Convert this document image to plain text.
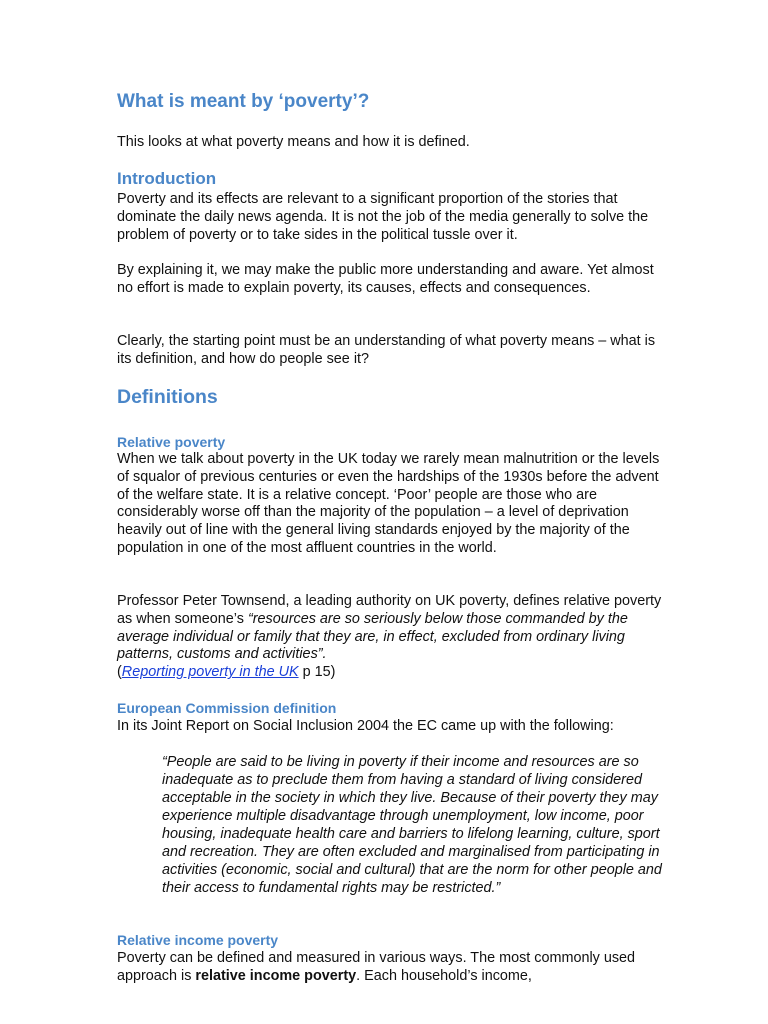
What is meant by ‘poverty’?
This looks at what poverty means and how it is defined.
Introduction

Poverty and its effects are relevant to a significant proportion of the stories that dominate the daily news agenda. It is not the job of the media generally to solve the problem of poverty or to take sides in the political tussle over it.

By explaining it, we may make the public more understanding and aware. Yet almost no effort is made to explain poverty, its causes, effects and consequences.

Clearly, the starting point must be an understanding of what poverty means – what is its definition, and how do people see it?

Definitions
Relative poverty

When we talk about poverty in the UK today we rarely mean malnutrition or the levels of squalor of previous centuries or even the hardships of the 1930s before the advent of the welfare state. It is a relative concept. ‘Poor’ people are those who are considerably worse off than the majority of the population – a level of deprivation heavily out of line with the general living standards enjoyed by the majority of the population in one of the most affluent countries in the world.

Professor Peter Townsend, a leading authority on UK poverty, defines relative poverty as when someone’s “resources are so seriously below those commanded by the average individual or family that they are, in effect, excluded from ordinary living patterns, customs and activities”.
(Reporting poverty in the UK p 15)

European Commission definition

In its Joint Report on Social Inclusion 2004 the EC came up with the following:

“People are said to be living in poverty if their income and resources are so inadequate as to preclude them from having a standard of living considered acceptable in the society in which they live. Because of their poverty they may experience multiple disadvantage through unemployment, low income, poor housing, inadequate health care and barriers to lifelong learning, culture, sport and recreation. They are often excluded and marginalised from participating in activities (economic, social and cultural) that are the norm for other people and their access to fundamental rights may be restricted.”

Relative income poverty

Poverty can be defined and measured in various ways. The most commonly used approach is relative income poverty. Each household’s income,
